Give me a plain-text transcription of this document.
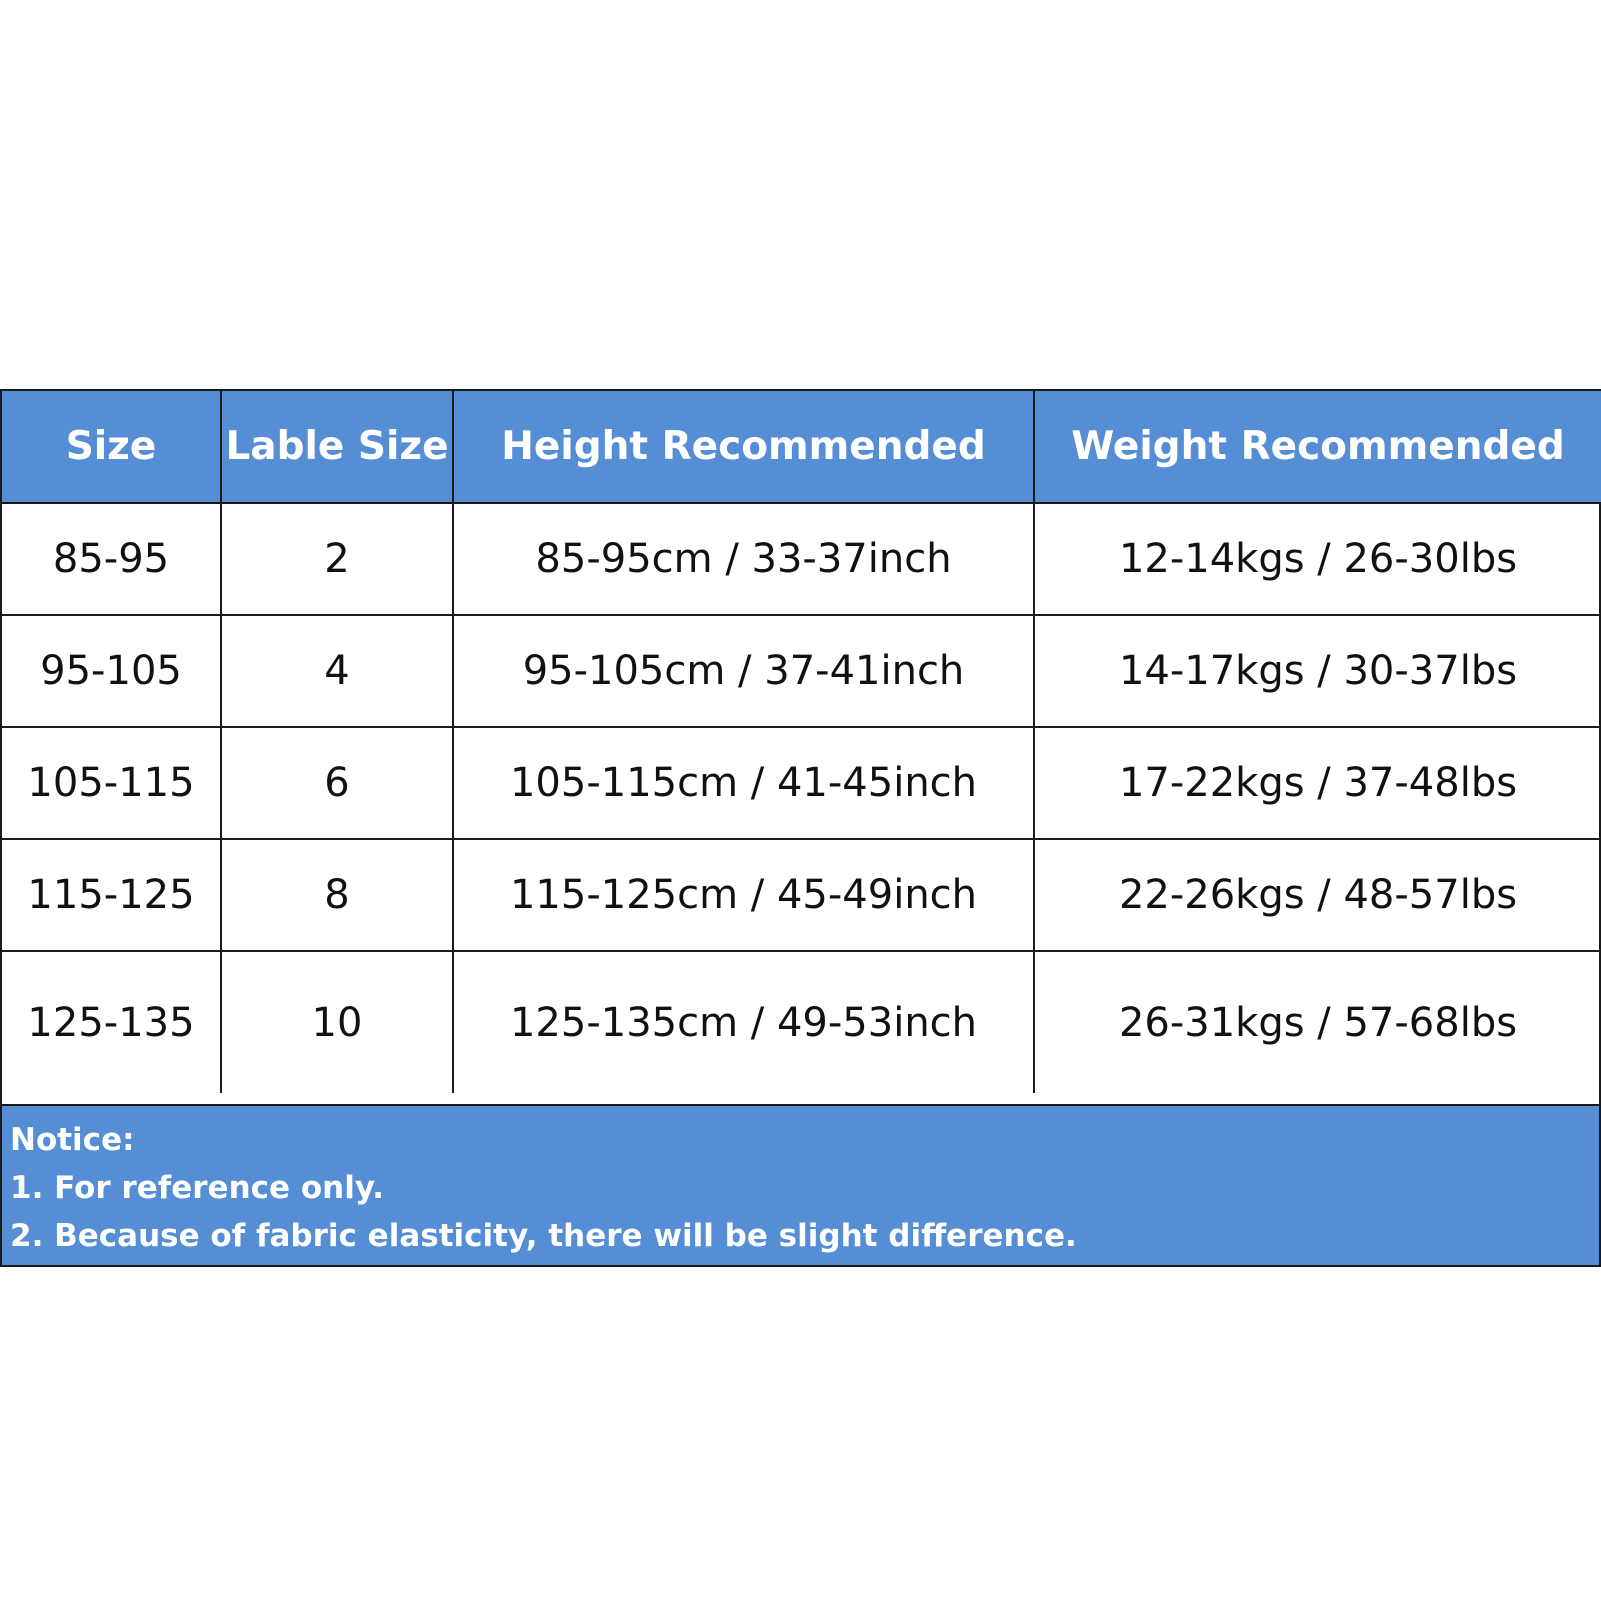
Size	Lable Size	Height Recommended	Weight Recommended
85-95	2	85-95cm / 33-37inch	12-14kgs / 26-30lbs
95-105	4	95-105cm / 37-41inch	14-17kgs / 30-37lbs
105-115	6	105-115cm / 41-45inch	17-22kgs / 37-48lbs
115-125	8	115-125cm / 45-49inch	22-26kgs / 48-57lbs
125-135	10	125-135cm / 49-53inch	26-31kgs / 57-68lbs
Notice:
1. For reference only.
2. Because of fabric elasticity, there will be slight difference.
